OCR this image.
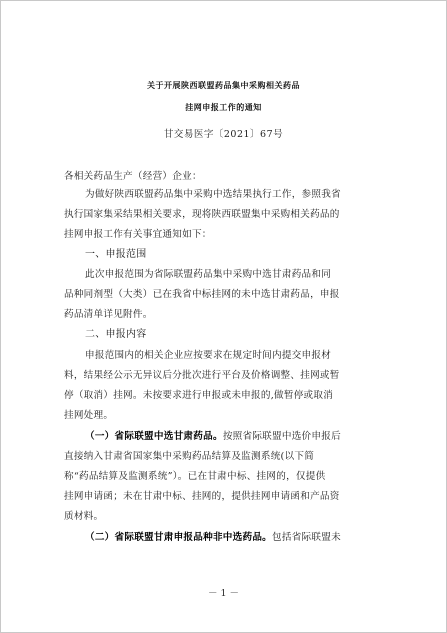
关于开展陕西联盟药品集中采购相关药品
挂网申报工作的通知
甘交易医字〔2021〕67号
各相关药品生产（经营）企业：
为做好陕西联盟药品集中采购中选结果执行工作，参照我省
执行国家集采结果相关要求，现将陕西联盟集中采购相关药品的
挂网申报工作有关事宜通知如下：
一、申报范围
此次申报范围为省际联盟药品集中采购中选甘肃药品和同
品种同剂型（大类）已在我省中标挂网的未中选甘肃药品，申报
药品清单详见附件。
二、申报内容
申报范围内的相关企业应按要求在规定时间内提交申报材
料，结果经公示无异议后分批次进行平台及价格调整、挂网或暂
停（取消）挂网。未按要求进行申报或未申报的,做暂停或取消
挂网处理。
（一）省际联盟中选甘肃药品。按照省际联盟中选价申报后
直接纳入甘肃省国家集中采购药品结算及监测系统(以下简
称“药品结算及监测系统”）。已在甘肃中标、挂网的，仅提供
挂网申请函；未在甘肃中标、挂网的，提供挂网申请函和产品资
质材料。
（二）省际联盟甘肃申报品种非中选药品。包括省际联盟未
－ 1 －
